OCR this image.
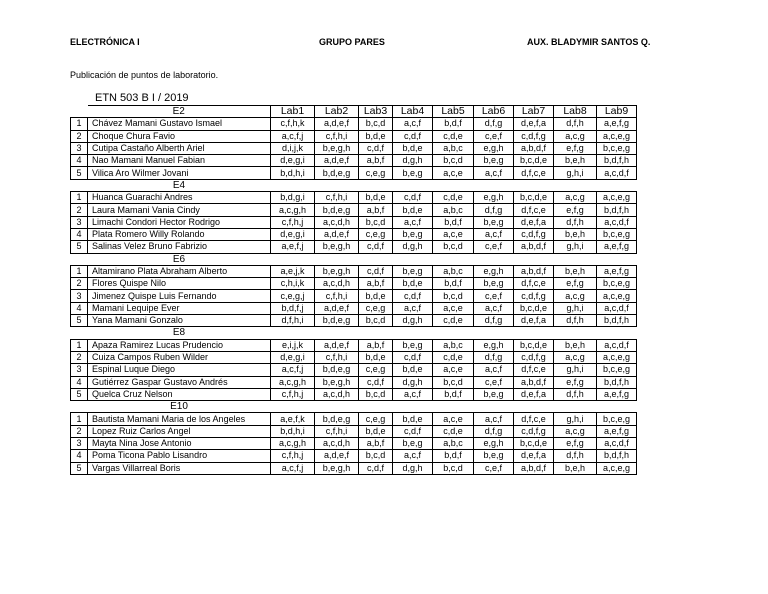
ELECTRÓNICA I	GRUPO PARES	AUX. BLADYMIR SANTOS Q.
Publicación de puntos de laboratorio.
ETN 503 B I / 2019
	E2	Lab1	Lab2	Lab3	Lab4	Lab5	Lab6	Lab7	Lab8	Lab9
1	Chávez Mamani Gustavo Ismael	c,f,h,k	a,d,e,f	b,c,d	a,c,f	b,d,f	d,f,g	d,e,f,a	d,f,h	a,e,f,g
2	Choque Chura Favio	a,c,f,j	c,f,h,i	b,d,e	c,d,f	c,d,e	c,e,f	c,d,f,g	a,c,g	a,c,e,g
3	Cutipa Castaño Alberth Ariel	d,i,j,k	b,e,g,h	c,d,f	b,d,e	a,b,c	e,g,h	a,b,d,f	e,f,g	b,c,e,g
4	Nao Mamani Manuel Fabian	d,e,g,i	a,d,e,f	a,b,f	d,g,h	b,c,d	b,e,g	b,c,d,e	b,e,h	b,d,f,h
5	Vilica Aro Wilmer Jovani	b,d,h,i	b,d,e,g	c,e,g	b,e,g	a,c,e	a,c,f	d,f,c,e	g,h,i	a,c,d,f
	E4									
1	Huanca Guarachi Andres	b,d,g,i	c,f,h,i	b,d,e	c,d,f	c,d,e	e,g,h	b,c,d,e	a,c,g	a,c,e,g
2	Laura Mamani Vania Cindy	a,c,g,h	b,d,e,g	a,b,f	b,d,e	a,b,c	d,f,g	d,f,c,e	e,f,g	b,d,f,h
3	Limachi Condori Hector Rodrigo	c,f,h,j	a,c,d,h	b,c,d	a,c,f	b,d,f	b,e,g	d,e,f,a	d,f,h	a,c,d,f
4	Plata Romero Willy Rolando	d,e,g,i	a,d,e,f	c,e,g	b,e,g	a,c,e	a,c,f	c,d,f,g	b,e,h	b,c,e,g
5	Salinas Velez Bruno Fabrizio	a,e,f,j	b,e,g,h	c,d,f	d,g,h	b,c,d	c,e,f	a,b,d,f	g,h,i	a,e,f,g
	E6									
1	Altamirano Plata Abraham Alberto	a,e,j,k	b,e,g,h	c,d,f	b,e,g	a,b,c	e,g,h	a,b,d,f	b,e,h	a,e,f,g
2	Flores Quispe Nilo	c,h,i,k	a,c,d,h	a,b,f	b,d,e	b,d,f	b,e,g	d,f,c,e	e,f,g	b,c,e,g
3	Jimenez Quispe Luis Fernando	c,e,g,j	c,f,h,i	b,d,e	c,d,f	b,c,d	c,e,f	c,d,f,g	a,c,g	a,c,e,g
4	Mamani Lequipe Ever	b,d,f,j	a,d,e,f	c,e,g	a,c,f	a,c,e	a,c,f	b,c,d,e	g,h,i	a,c,d,f
5	Yana Mamani Gonzalo	d,f,h,i	b,d,e,g	b,c,d	d,g,h	c,d,e	d,f,g	d,e,f,a	d,f,h	b,d,f,h
	E8									
1	Apaza Ramirez Lucas Prudencio	e,i,j,k	a,d,e,f	a,b,f	b,e,g	a,b,c	e,g,h	b,c,d,e	b,e,h	a,c,d,f
2	Cuiza Campos Ruben Wilder	d,e,g,i	c,f,h,i	b,d,e	c,d,f	c,d,e	d,f,g	c,d,f,g	a,c,g	a,c,e,g
3	Espinal Luque Diego	a,c,f,j	b,d,e,g	c,e,g	b,d,e	a,c,e	a,c,f	d,f,c,e	g,h,i	b,c,e,g
4	Gutiérrez Gaspar Gustavo Andrés	a,c,g,h	b,e,g,h	c,d,f	d,g,h	b,c,d	c,e,f	a,b,d,f	e,f,g	b,d,f,h
5	Quelca Cruz Nelson	c,f,h,j	a,c,d,h	b,c,d	a,c,f	b,d,f	b,e,g	d,e,f,a	d,f,h	a,e,f,g
	E10									
1	Bautista Mamani Maria de los Angeles	a,e,f,k	b,d,e,g	c,e,g	b,d,e	a,c,e	a,c,f	d,f,c,e	g,h,i	b,c,e,g
2	Lopez Ruiz Carlos Angel	b,d,h,i	c,f,h,i	b,d,e	c,d,f	c,d,e	d,f,g	c,d,f,g	a,c,g	a,e,f,g
3	Mayta Nina Jose Antonio	a,c,g,h	a,c,d,h	a,b,f	b,e,g	a,b,c	e,g,h	b,c,d,e	e,f,g	a,c,d,f
4	Poma Ticona Pablo Lisandro	c,f,h,j	a,d,e,f	b,c,d	a,c,f	b,d,f	b,e,g	d,e,f,a	d,f,h	b,d,f,h
5	Vargas Villarreal Boris	a,c,f,j	b,e,g,h	c,d,f	d,g,h	b,c,d	c,e,f	a,b,d,f	b,e,h	a,c,e,g
